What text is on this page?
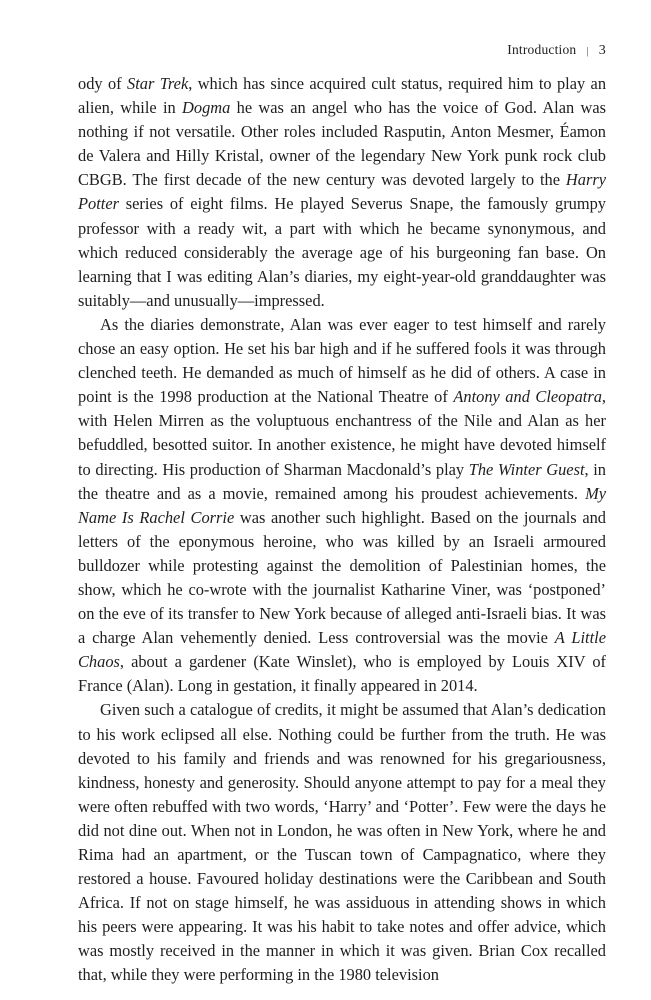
Introduction | 3

ody of Star Trek, which has since acquired cult status, required him to play an alien, while in Dogma he was an angel who has the voice of God. Alan was nothing if not versatile. Other roles included Rasputin, Anton Mesmer, Éamon de Valera and Hilly Kristal, owner of the legendary New York punk rock club CBGB. The first decade of the new century was devoted largely to the Harry Potter series of eight films. He played Severus Snape, the famously grumpy professor with a ready wit, a part with which he became synonymous, and which reduced considerably the average age of his burgeoning fan base. On learning that I was editing Alan’s diaries, my eight-year-old granddaughter was suitably—and unusually—impressed.

As the diaries demonstrate, Alan was ever eager to test himself and rarely chose an easy option. He set his bar high and if he suffered fools it was through clenched teeth. He demanded as much of himself as he did of others. A case in point is the 1998 production at the National Theatre of Antony and Cleopatra, with Helen Mirren as the voluptuous enchantress of the Nile and Alan as her befuddled, besotted suitor. In another existence, he might have devoted himself to directing. His production of Sharman Macdonald’s play The Winter Guest, in the theatre and as a movie, remained among his proudest achievements. My Name Is Rachel Corrie was another such highlight. Based on the journals and letters of the eponymous heroine, who was killed by an Israeli armoured bulldozer while protesting against the demolition of Palestinian homes, the show, which he co-wrote with the journalist Katharine Viner, was ‘postponed’ on the eve of its transfer to New York because of alleged anti-Israeli bias. It was a charge Alan vehemently denied. Less controversial was the movie A Little Chaos, about a gardener (Kate Winslet), who is employed by Louis XIV of France (Alan). Long in gestation, it finally appeared in 2014.

Given such a catalogue of credits, it might be assumed that Alan’s dedication to his work eclipsed all else. Nothing could be further from the truth. He was devoted to his family and friends and was renowned for his gregariousness, kindness, honesty and generosity. Should anyone attempt to pay for a meal they were often rebuffed with two words, ‘Harry’ and ‘Potter’. Few were the days he did not dine out. When not in London, he was often in New York, where he and Rima had an apartment, or the Tuscan town of Campagnatico, where they restored a house. Favoured holiday destinations were the Caribbean and South Africa. If not on stage himself, he was assiduous in attending shows in which his peers were appearing. It was his habit to take notes and offer advice, which was mostly received in the manner in which it was given. Brian Cox recalled that, while they were performing in the 1980 television
